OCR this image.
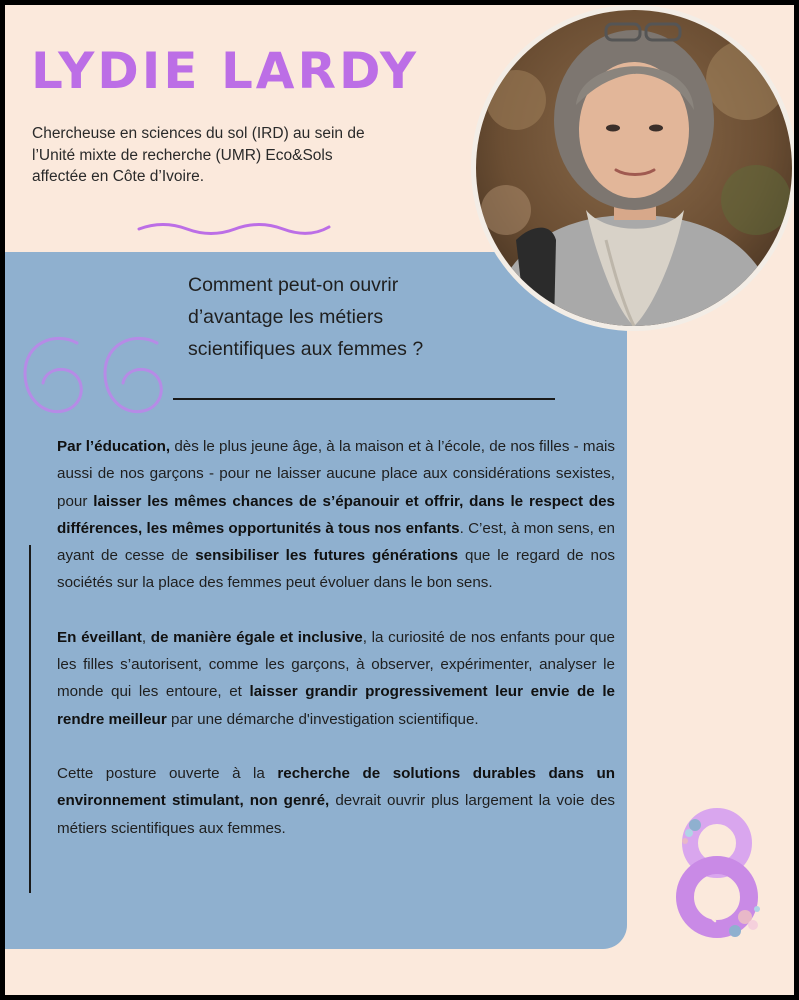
LYDIE LARDY

Chercheuse en sciences du sol (IRD) au sein de
l’Unité mixte de recherche (UMR) Eco&Sols
affectée en Côte d’Ivoire.

Comment peut-on ouvrir
d’avantage les métiers
scientifiques aux femmes ?

Par l’éducation, dès le plus jeune âge, à la maison et à l’école, de nos filles - mais aussi de nos garçons - pour ne laisser aucune place aux considérations sexistes, pour laisser les mêmes chances de s’épanouir et offrir, dans le respect des différences, les mêmes opportunités à tous nos enfants. C’est, à mon sens, en ayant de cesse de sensibiliser les futures générations que le regard de nos sociétés sur la place des femmes peut évoluer dans le bon sens.

En éveillant, de manière égale et inclusive, la curiosité de nos enfants pour que les filles s’autorisent, comme les garçons, à observer, expérimenter, analyser le monde qui les entoure, et laisser grandir progressivement leur envie de le rendre meilleur par une démarche d'investigation scientifique.

Cette posture ouverte à la recherche de solutions durables dans un environnement stimulant, non genré, devrait ouvrir plus largement la voie des métiers scientifiques aux femmes.
